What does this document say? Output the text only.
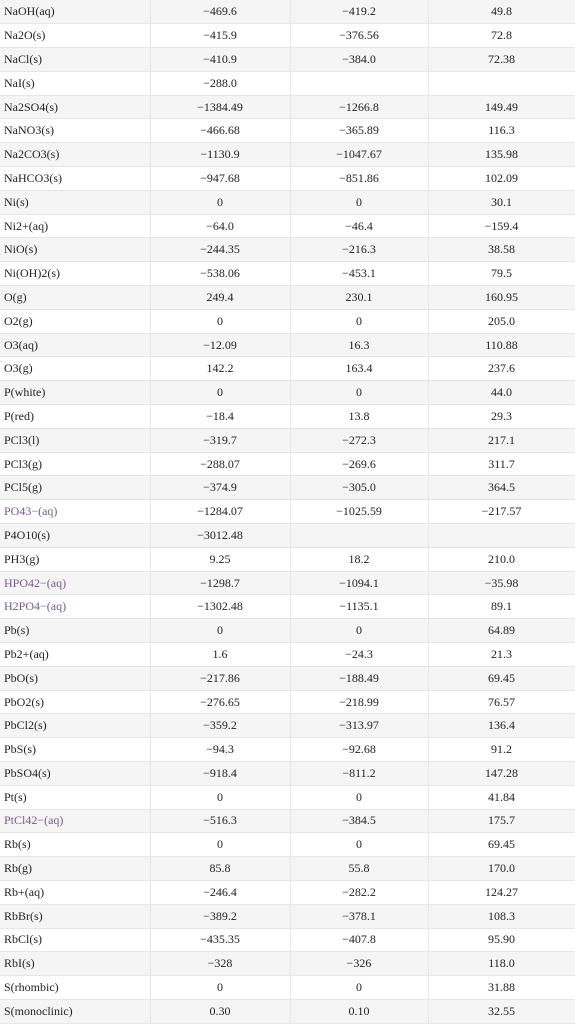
NaOH(aq)	−469.6	−419.2	49.8
Na2O(s)	−415.9	−376.56	72.8
NaCl(s)	−410.9	−384.0	72.38
NaI(s)	−288.0		
Na2SO4(s)	−1384.49	−1266.8	149.49
NaNO3(s)	−466.68	−365.89	116.3
Na2CO3(s)	−1130.9	−1047.67	135.98
NaHCO3(s)	−947.68	−851.86	102.09
Ni(s)	0	0	30.1
Ni2+(aq)	−64.0	−46.4	−159.4
NiO(s)	−244.35	−216.3	38.58
Ni(OH)2(s)	−538.06	−453.1	79.5
O(g)	249.4	230.1	160.95
O2(g)	0	0	205.0
O3(aq)	−12.09	16.3	110.88
O3(g)	142.2	163.4	237.6
P(white)	0	0	44.0
P(red)	−18.4	13.8	29.3
PCl3(l)	−319.7	−272.3	217.1
PCl3(g)	−288.07	−269.6	311.7
PCl5(g)	−374.9	−305.0	364.5
PO43−(aq)	−1284.07	−1025.59	−217.57
P4O10(s)	−3012.48		
PH3(g)	9.25	18.2	210.0
HPO42−(aq)	−1298.7	−1094.1	−35.98
H2PO4−(aq)	−1302.48	−1135.1	89.1
Pb(s)	0	0	64.89
Pb2+(aq)	1.6	−24.3	21.3
PbO(s)	−217.86	−188.49	69.45
PbO2(s)	−276.65	−218.99	76.57
PbCl2(s)	−359.2	−313.97	136.4
PbS(s)	−94.3	−92.68	91.2
PbSO4(s)	−918.4	−811.2	147.28
Pt(s)	0	0	41.84
PtCl42−(aq)	−516.3	−384.5	175.7
Rb(s)	0	0	69.45
Rb(g)	85.8	55.8	170.0
Rb+(aq)	−246.4	−282.2	124.27
RbBr(s)	−389.2	−378.1	108.3
RbCl(s)	−435.35	−407.8	95.90
RbI(s)	−328	−326	118.0
S(rhombic)	0	0	31.88
S(monoclinic)	0.30	0.10	32.55
